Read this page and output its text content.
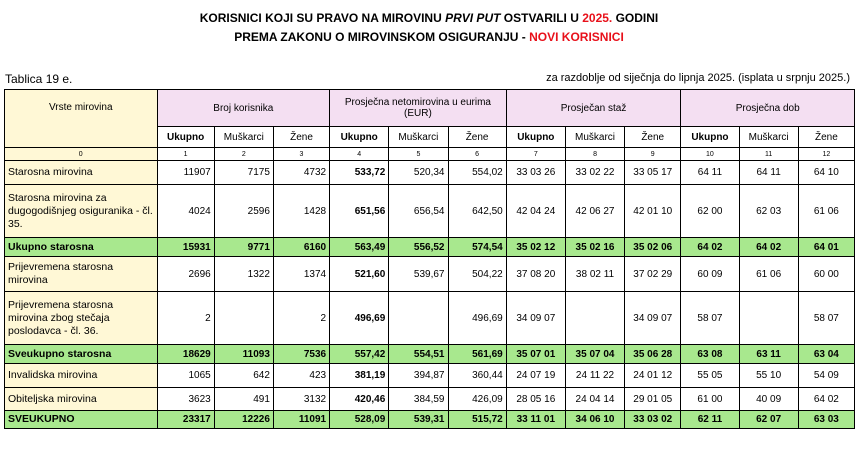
KORISNICI KOJI SU PRAVO NA MIROVINU PRVI PUT OSTVARILI U 2025. GODINI
PREMA ZAKONU O MIROVINSKOM OSIGURANJU - NOVI KORISNICI
Tablica 19 e.	za razdoblje od siječnja do lipnja 2025. (isplata u srpnju 2025.)
Vrste mirovina	Broj korisnika			Prosječna netomirovina u eurima (EUR)			Prosječan staž			Prosječna dob		
	Ukupno	Muškarci	Žene	Ukupno	Muškarci	Žene	Ukupno	Muškarci	Žene	Ukupno	Muškarci	Žene
0	1	2	3	4	5	6	7	8	9	10	11	12
Starosna mirovina	11907	7175	4732	533,72	520,34	554,02	33 03 26	33 02 22	33 05 17	64 11	64 11	64 10
Starosna mirovina za dugogodišnjeg osiguranika - čl. 35.	4024	2596	1428	651,56	656,54	642,50	42 04 24	42 06 27	42 01 10	62 00	62 03	61 06
Ukupno starosna	15931	9771	6160	563,49	556,52	574,54	35 02 12	35 02 16	35 02 06	64 02	64 02	64 01
Prijevremena starosna mirovina	2696	1322	1374	521,60	539,67	504,22	37 08 20	38 02 11	37 02 29	60 09	61 06	60 00
Prijevremena starosna mirovina zbog stečaja poslodavca - čl. 36.	2		2	496,69		496,69	34 09 07		34 09 07	58 07		58 07
Sveukupno starosna	18629	11093	7536	557,42	554,51	561,69	35 07 01	35 07 04	35 06 28	63 08	63 11	63 04
Invalidska mirovina	1065	642	423	381,19	394,87	360,44	24 07 19	24 11 22	24 01 12	55 05	55 10	54 09
Obiteljska mirovina	3623	491	3132	420,46	384,59	426,09	28 05 16	24 04 14	29 01 05	61 00	40 09	64 02
SVEUKUPNO	23317	12226	11091	528,09	539,31	515,72	33 11 01	34 06 10	33 03 02	62 11	62 07	63 03
